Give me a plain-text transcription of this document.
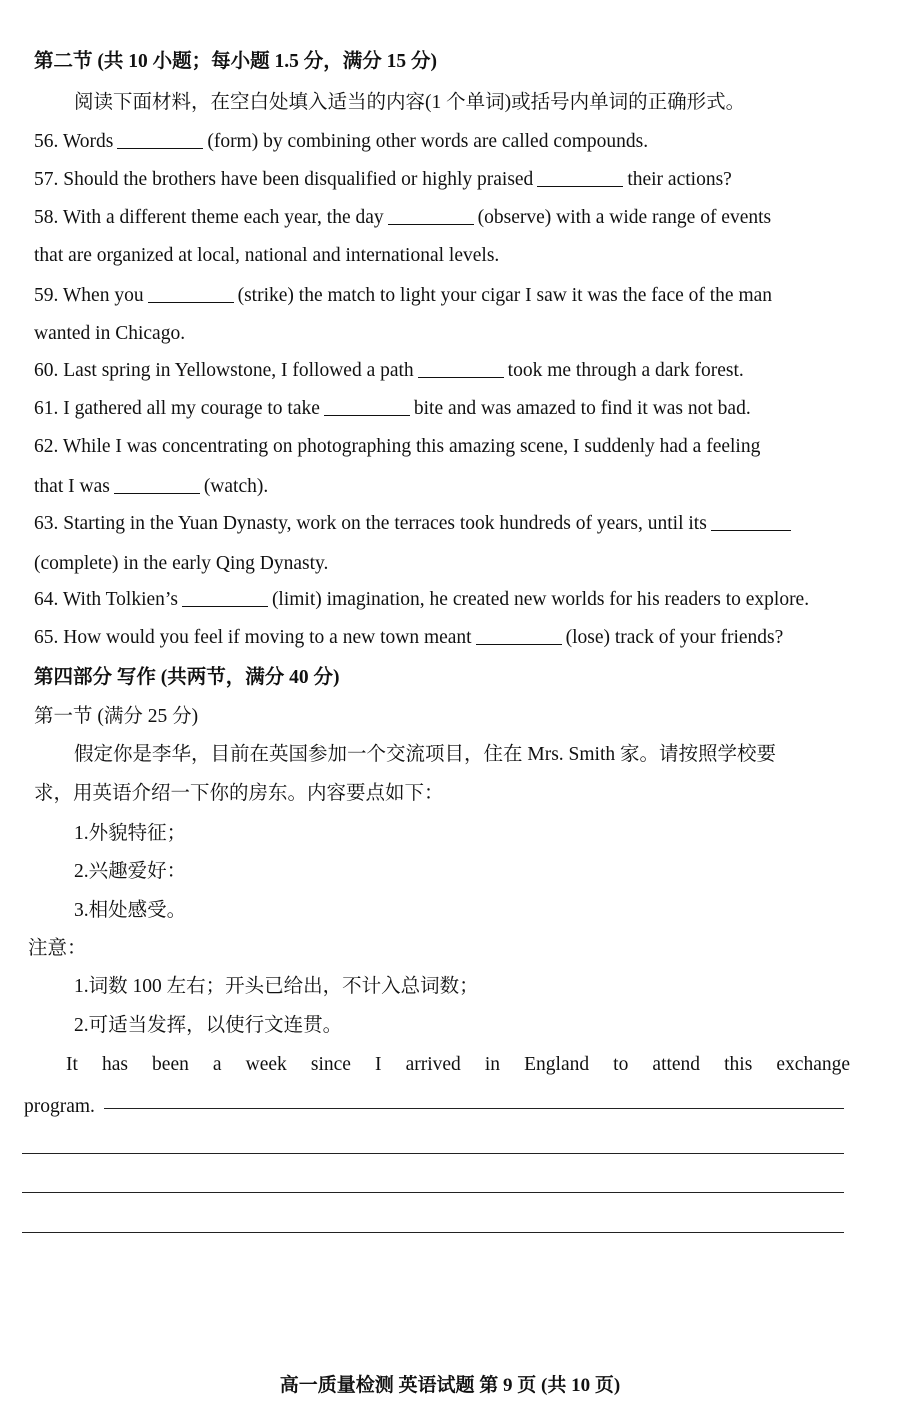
第二节 (共 10 小题；每小题 1.5 分，满分 15 分)
阅读下面材料，在空白处填入适当的内容(1 个单词)或括号内单词的正确形式。
56. Words	(form) by combining other words are called compounds.
57. Should the brothers have been disqualified or highly praised	their actions?
58. With a different theme each year, the day	(observe) with a wide range of events
that are organized at local, national and international levels.
59. When you	(strike) the match to light your cigar I saw it was the face of the man
wanted in Chicago.
60. Last spring in Yellowstone, I followed a path	took me through a dark forest.
61. I gathered all my courage to take	bite and was amazed to find it was not bad.
62. While I was concentrating on photographing this amazing scene, I suddenly had a feeling
that I was	(watch).
63. Starting in the Yuan Dynasty, work on the terraces took hundreds of years, until its
(complete) in the early Qing Dynasty.
64. With Tolkien’s	(limit) imagination, he created new worlds for his readers to explore.
65. How would you feel if moving to a new town meant	(lose) track of your friends?
第四部分 写作 (共两节，满分 40 分)
第一节 (满分 25 分)
假定你是李华，目前在英国参加一个交流项目，住在 Mrs. Smith 家。请按照学校要
求，用英语介绍一下你的房东。内容要点如下：
1.外貌特征；
2.兴趣爱好：
3.相处感受。
注意：
1.词数 100 左右；开头已给出，不计入总词数；
2.可适当发挥，以使行文连贯。
It has been a week since I arrived in England to attend this exchange
program.
高一质量检测 英语试题 第 9 页 (共 10 页)
